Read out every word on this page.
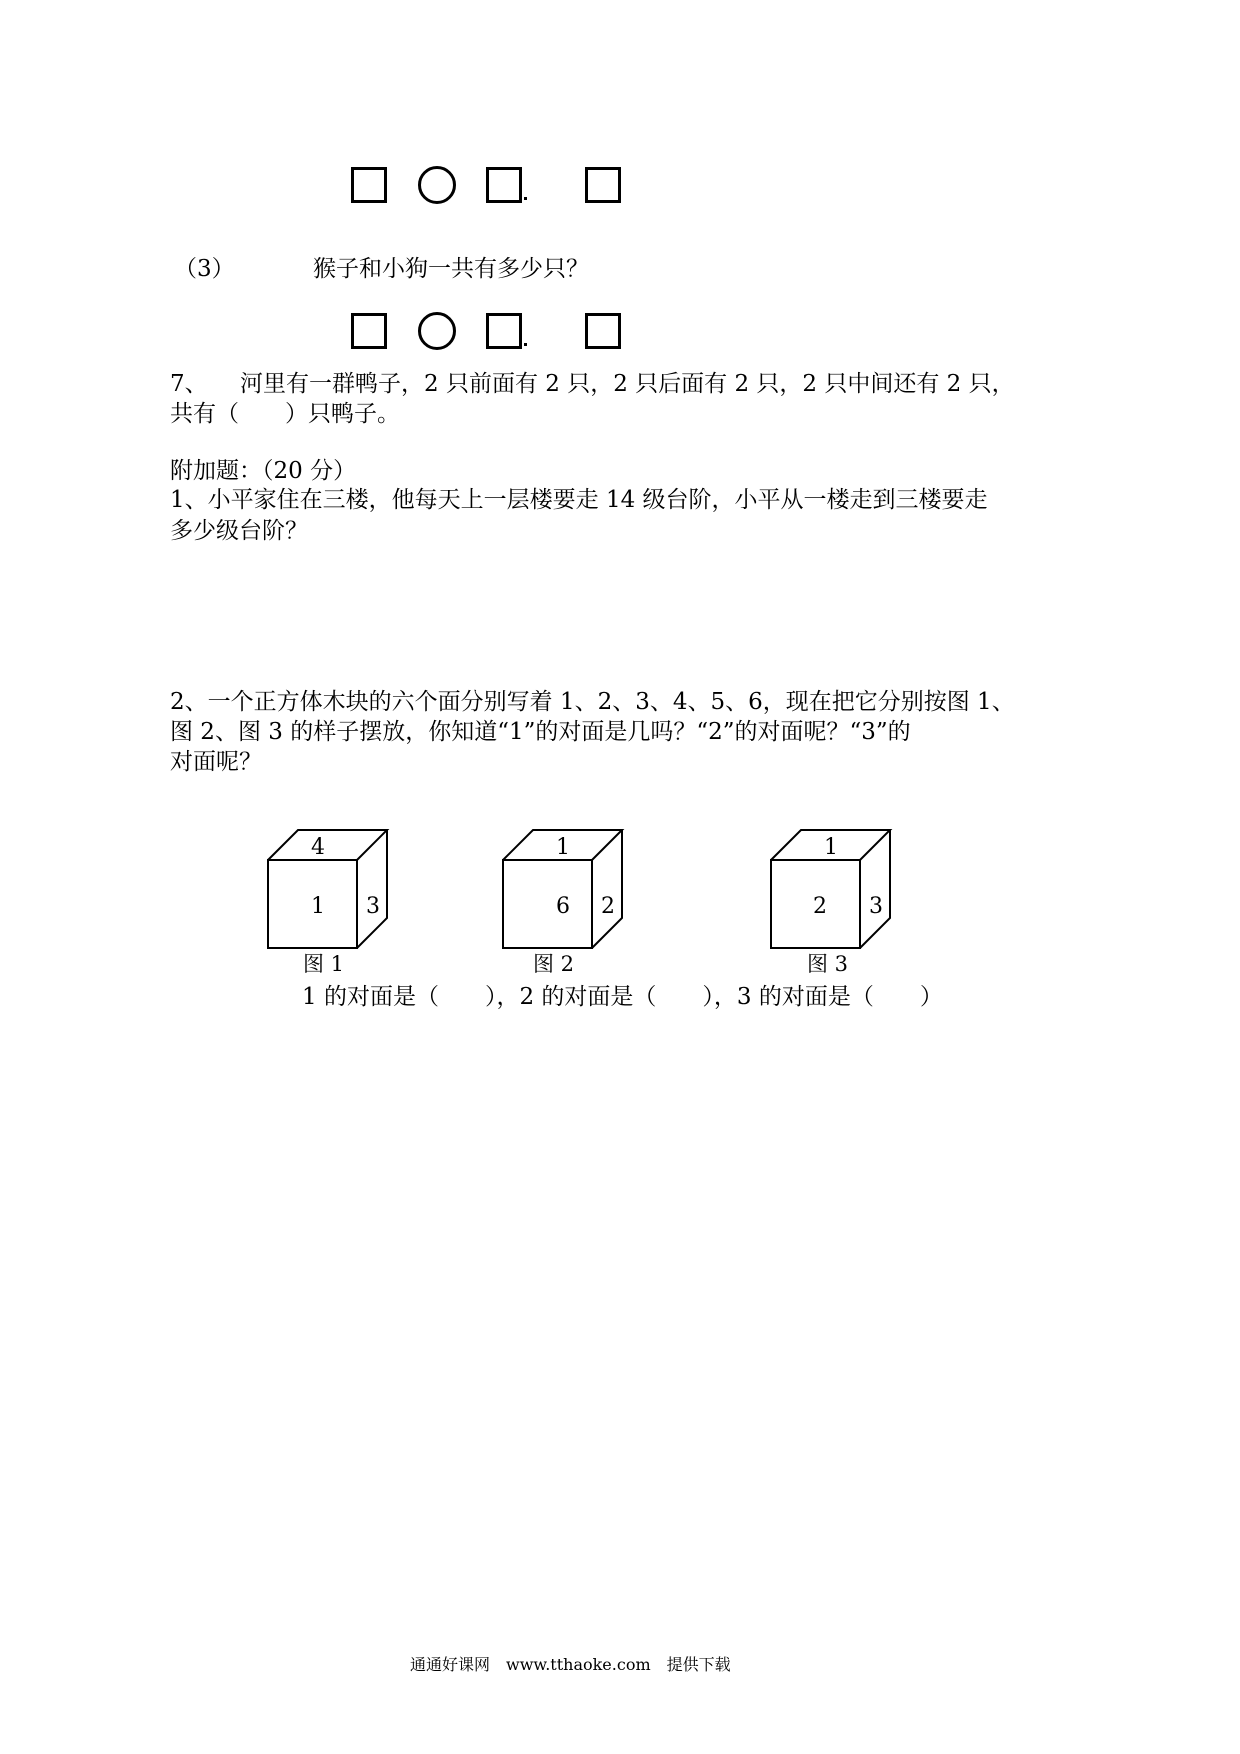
（3）	猴子和小狗一共有多少只？
7、 河里有一群鸭子，2 只前面有 2 只，2 只后面有 2 只，2 只中间还有 2 只，
共有（　　）只鸭子。
附加题：（20 分）
1、小平家住在三楼，他每天上一层楼要走 14 级台阶，小平从一楼走到三楼要走
多少级台阶？
2、一个正方体木块的六个面分别写着 1、2、3、4、5、6，现在把它分别按图 1、
图 2、图 3 的样子摆放，你知道“1”的对面是几吗？“2”的对面呢？“3”的
对面呢？
4
1 3
1
6 2
1
2 3
图 1	图 2	图 3
1 的对面是（　　），2 的对面是（　　），3 的对面是（　　）
通通好课网　www.tthaoke.com　提供下载
